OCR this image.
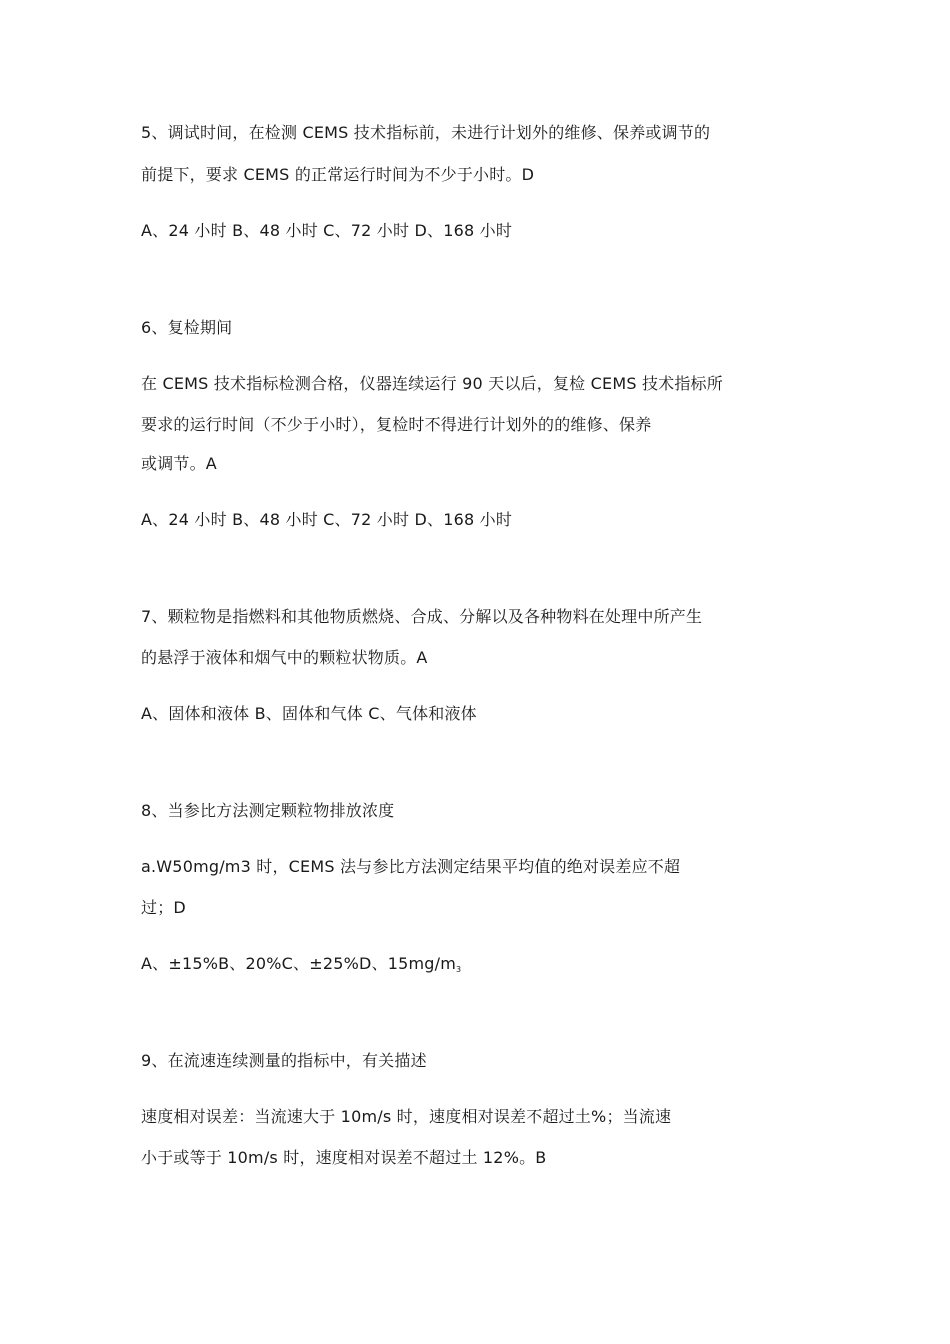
5、调试时间，在检测 CEMS 技术指标前，未进行计划外的维修、保养或调节的
前提下，要求 CEMS 的正常运行时间为不少于小时。D
A、24 小时 B、48 小时 C、72 小时 D、168 小时
6、复检期间
在 CEMS 技术指标检测合格，仪器连续运行 90 天以后，复检 CEMS 技术指标所
要求的运行时间（不少于小时），复检时不得进行计划外的的维修、保养
或调节。A
A、24 小时 B、48 小时 C、72 小时 D、168 小时
7、颗粒物是指燃料和其他物质燃烧、合成、分解以及各种物料在处理中所产生
的悬浮于液体和烟气中的颗粒状物质。A
A、固体和液体 B、固体和气体 C、气体和液体
8、当参比方法测定颗粒物排放浓度
a.W50mg/m3 时，CEMS 法与参比方法测定结果平均值的绝对误差应不超
过；D
A、±15%B、20%C、±25%D、15mg/m3
9、在流速连续测量的指标中，有关描述
速度相对误差：当流速大于 10m/s 时，速度相对误差不超过土%；当流速
小于或等于 10m/s 时，速度相对误差不超过土 12%。B
